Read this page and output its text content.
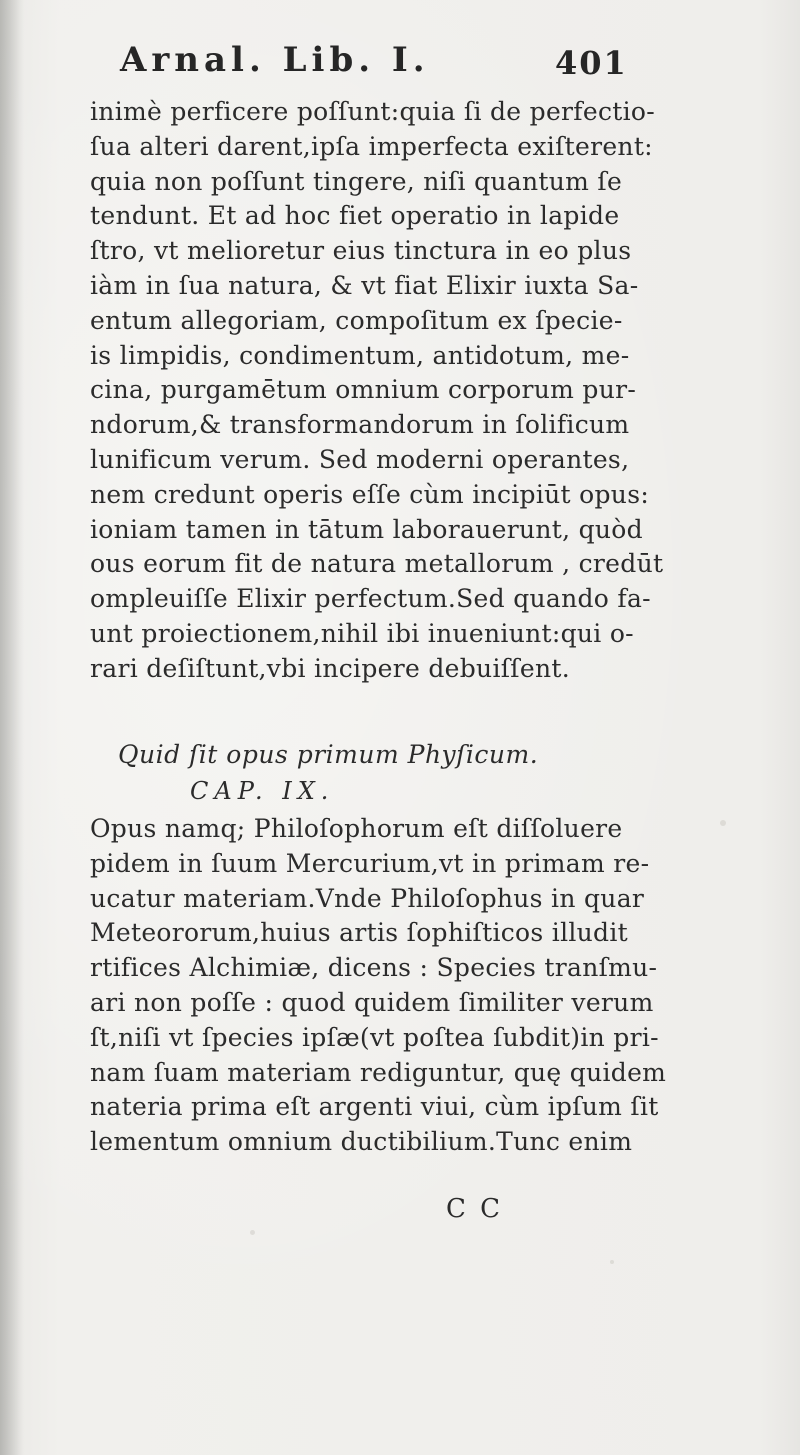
Arnal. Lib. I.	401
inimè perficere poſſunt:quia ſi de perfectio-
ſua alteri darent,ipſa imperfecta exiſterent:
quia non poſſunt tingere, niſi quantum ſe
tendunt. Et ad hoc fiet operatio in lapide
ſtro, vt melioretur eius tinctura in eo plus
iàm in ſua natura, & vt fiat Elixir iuxta Sa-
entum allegoriam, compoſitum ex ſpecie-
is limpidis, condimentum, antidotum, me-
cina, purgamētum omnium corporum pur-
ndorum,& transformandorum in ſolificum
lunificum verum. Sed moderni operantes,
nem credunt operis eſſe cùm incipiūt opus:
ioniam tamen in tātum laborauerunt, quòd
ous eorum fit de natura metallorum , credūt
ompleuiſſe Elixir perfectum.Sed quando fa-
unt proiectionem,nihil ibi inueniunt:qui o-
rari deſiſtunt,vbi incipere debuiſſent.
Quid ſit opus primum Phyſicum.
CAP. IX.
Opus namq; Philoſophorum eſt diſſoluere
pidem in ſuum Mercurium,vt in primam re-
ucatur materiam.Vnde Philoſophus in quar
Meteororum,huius artis ſophiſticos illudit
rtifices Alchimiæ, dicens : Species tranſmu-
ari non poſſe : quod quidem ſimiliter verum
ſt,niſi vt ſpecies ipſæ(vt poſtea ſubdit)in pri-
nam ſuam materiam rediguntur, quę quidem
nateria prima eſt argenti viui, cùm ipſum ſit
lementum omnium ductibilium.Tunc enim
C C
